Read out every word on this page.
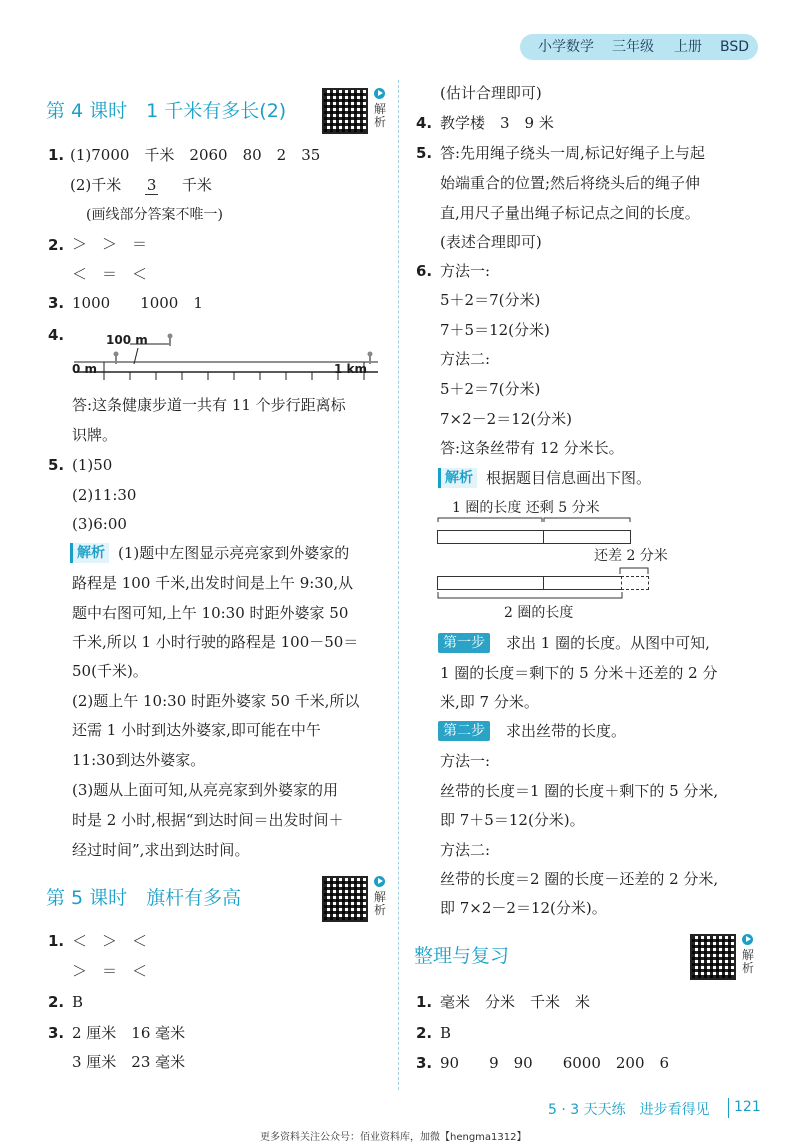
小学数学 三年级 上册 BSD
第 4 课时　1 千米有多长(2)	解析
1. (1)7000　千米　2060　80　2　35
(2)千米 3 千米
(画线部分答案不唯一)
2. ＞　＞　＝
＜　＝　＜
3. 1000　　1000　1
4.	100 m
0 m	1 km
答:这条健康步道一共有 11 个步行距离标
识牌。
5. (1)50
(2)11:30
(3)6:00
解析 (1)题中左图显示亮亮家到外婆家的
路程是 100 千米,出发时间是上午 9:30,从
题中右图可知,上午 10:30 时距外婆家 50
千米,所以 1 小时行驶的路程是 100－50＝
50(千米)。
(2)题上午 10:30 时距外婆家 50 千米,所以
还需 1 小时到达外婆家,即可能在中午
11:30到达外婆家。
(3)题从上面可知,从亮亮家到外婆家的用
时是 2 小时,根据“到达时间＝出发时间＋
经过时间”,求出到达时间。
第 5 课时　旗杆有多高	解析
1. ＜　＞　＜
＞　＝　＜
2. B
3. 2 厘米　16 毫米
3 厘米　23 毫米
(估计合理即可)
4. 教学楼　3　9 米
5. 答:先用绳子绕头一周,标记好绳子上与起
始端重合的位置;然后将绕头后的绳子伸
直,用尺子量出绳子标记点之间的长度。
(表述合理即可)
6. 方法一:
5＋2＝7(分米)
7＋5＝12(分米)
方法二:
5＋2＝7(分米)
7×2－2＝12(分米)
答:这条丝带有 12 分米长。
解析 根据题目信息画出下图。
1 圈的长度 还剩 5 分米
还差 2 分米
2 圈的长度
第一步	求出 1 圈的长度。从图中可知,
1 圈的长度＝剩下的 5 分米＋还差的 2 分
米,即 7 分米。
第二步	求出丝带的长度。
方法一:
丝带的长度＝1 圈的长度＋剩下的 5 分米,
即 7＋5＝12(分米)。
方法二:
丝带的长度＝2 圈的长度－还差的 2 分米,
即 7×2－2＝12(分米)。
整理与复习	解析
1. 毫米　分米　千米　米
2. B
3. 90　　9　90　　6000　200　6
5 · 3 天天练　进步看得见 121
更多资料关注公众号：佰业资料库，加微【hengma1312】
